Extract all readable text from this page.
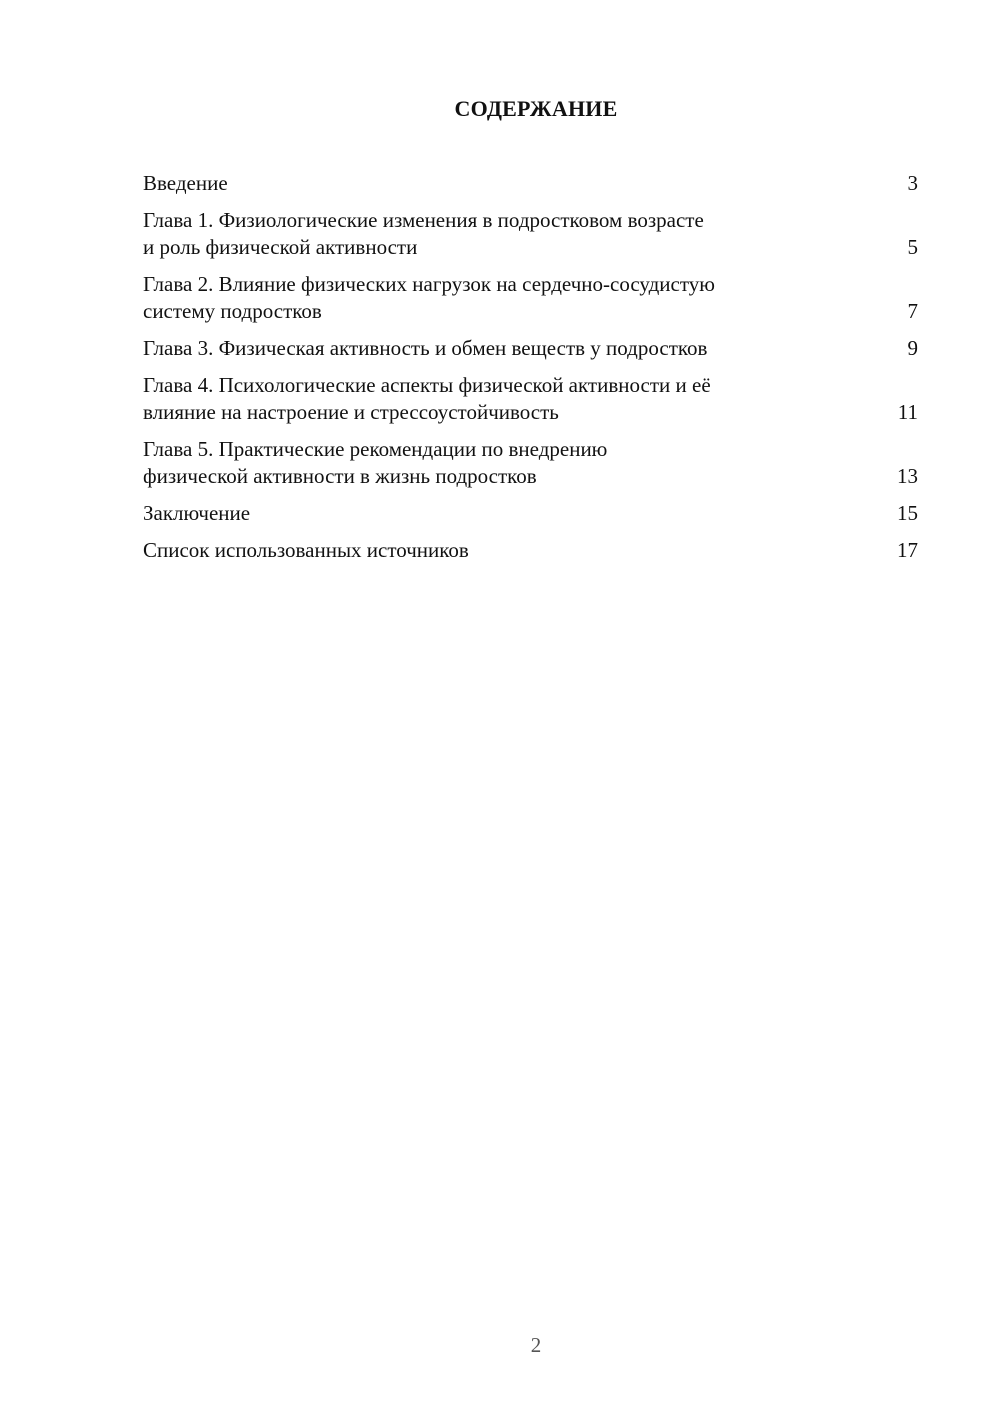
СОДЕРЖАНИЕ
Введение	3
Глава 1. Физиологические изменения в подростковом возрасте
и роль физической активности	5
Глава 2. Влияние физических нагрузок на сердечно-сосудистую
систему подростков	7
Глава 3. Физическая активность и обмен веществ у подростков	9
Глава 4. Психологические аспекты физической активности и её
влияние на настроение и стрессоустойчивость	11
Глава 5. Практические рекомендации по внедрению
физической активности в жизнь подростков	13
Заключение	15
Список использованных источников	17
2
